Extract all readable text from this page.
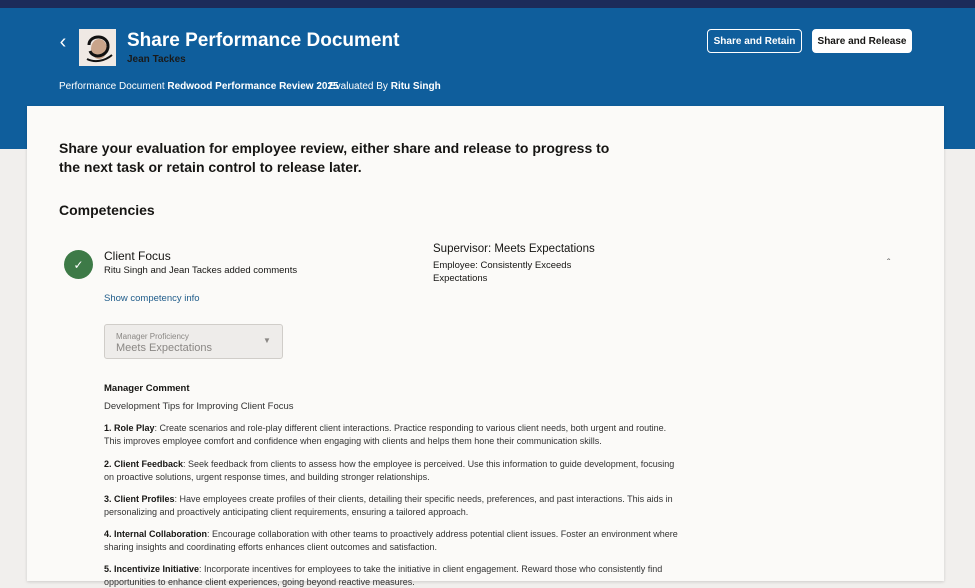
‹	Share Performance Document
Jean Tackes
Performance Document Redwood Performance Review 2025
Evaluated By Ritu Singh
Share and Retain	Share and Release
Share your evaluation for employee review, either share and release to progress to the next task or retain control to release later.
Competencies
✓
Client Focus
Ritu Singh and Jean Tackes added comments
Show competency info
Supervisor: Meets Expectations
Employee: Consistently Exceeds Expectations
ˆ
Manager Proficiency
Meets Expectations
▼
Manager Comment
Development Tips for Improving Client Focus
1. Role Play: Create scenarios and role-play different client interactions. Practice responding to various client needs, both urgent and routine. This improves employee comfort and confidence when engaging with clients and helps them hone their communication skills.
2. Client Feedback: Seek feedback from clients to assess how the employee is perceived. Use this information to guide development, focusing on proactive solutions, urgent response times, and building stronger relationships.
3. Client Profiles: Have employees create profiles of their clients, detailing their specific needs, preferences, and past interactions. This aids in personalizing and proactively anticipating client requirements, ensuring a tailored approach.
4. Internal Collaboration: Encourage collaboration with other teams to proactively address potential client issues. Foster an environment where sharing insights and coordinating efforts enhances client outcomes and satisfaction.
5. Incentivize Initiative: Incorporate incentives for employees to take the initiative in client engagement. Reward those who consistently find opportunities to enhance client experiences, going beyond reactive measures.
